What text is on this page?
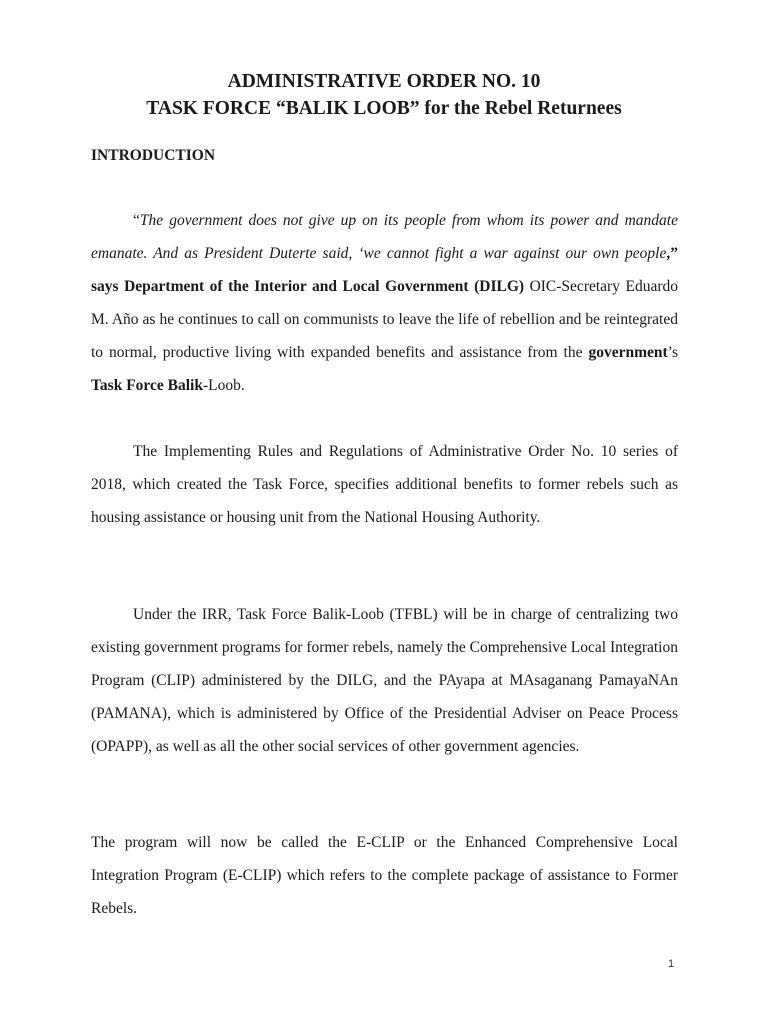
ADMINISTRATIVE ORDER NO. 10
TASK FORCE “BALIK LOOB” for the Rebel Returnees
INTRODUCTION

“The government does not give up on its people from whom its power and mandate emanate. And as President Duterte said, ‘we cannot fight a war against our own people,” says Department of the Interior and Local Government (DILG) OIC-Secretary Eduardo M. Año as he continues to call on communists to leave the life of rebellion and be reintegrated to normal, productive living with expanded benefits and assistance from the government’s Task Force Balik-Loob.

The Implementing Rules and Regulations of Administrative Order No. 10 series of 2018, which created the Task Force, specifies additional benefits to former rebels such as housing assistance or housing unit from the National Housing Authority.

Under the IRR, Task Force Balik-Loob (TFBL) will be in charge of centralizing two existing government programs for former rebels, namely the Comprehensive Local Integration Program (CLIP) administered by the DILG, and the PAyapa at MAsaganang PamayaNAn (PAMANA), which is administered by Office of the Presidential Adviser on Peace Process (OPAPP), as well as all the other social services of other government agencies.

The program will now be called the E-CLIP or the Enhanced Comprehensive Local Integration Program (E-CLIP) which refers to the complete package of assistance to Former Rebels.

1
